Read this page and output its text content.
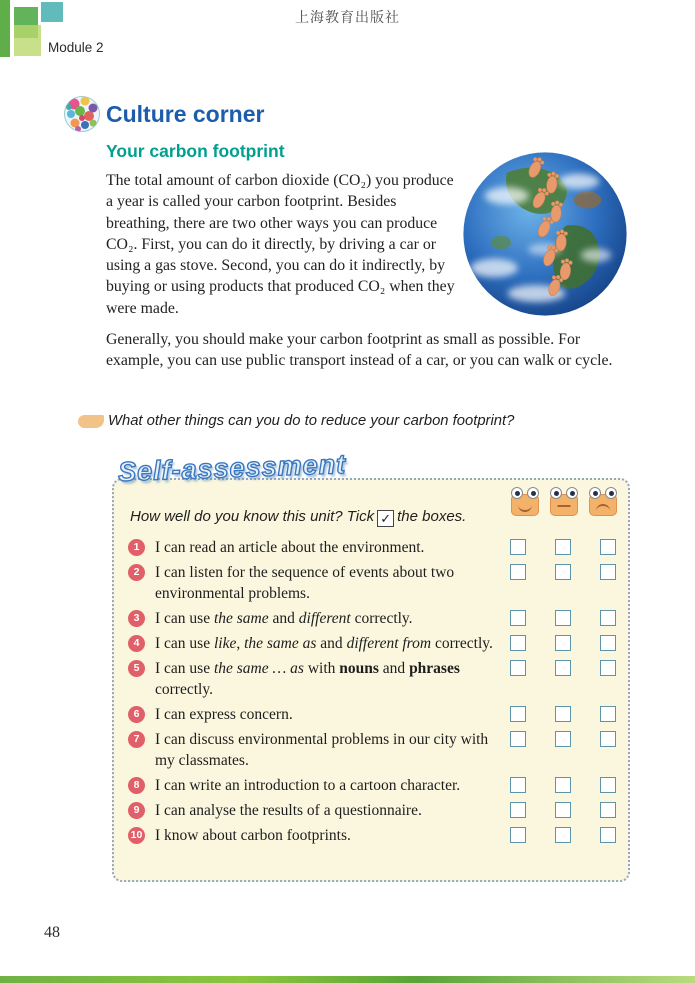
上海教育出版社
Module 2
Culture corner
Your carbon footprint

The total amount of carbon dioxide (CO₂) you produce a year is called your carbon footprint. Besides breathing, there are two other ways you can produce CO₂. First, you can do it directly, by driving a car or using a gas stove. Second, you can do it indirectly, by buying or using products that produced CO₂ when they were made.

Generally, you should make your carbon footprint as small as possible. For example, you can use public transport instead of a car, or you can walk or cycle.

What other things can you do to reduce your carbon footprint?
Self-assessment
How well do you know this unit? Tick ✓ the boxes.
1	I can read an article about the environment.
2	I can listen for the sequence of events about two environmental problems.
3	I can use the same and different correctly.
4	I can use like, the same as and different from correctly.
5	I can use the same … as with nouns and phrases correctly.
6	I can express concern.
7	I can discuss environmental problems in our city with my classmates.
8	I can write an introduction to a cartoon character.
9	I can analyse the results of a questionnaire.
10 I know about carbon footprints.
48
